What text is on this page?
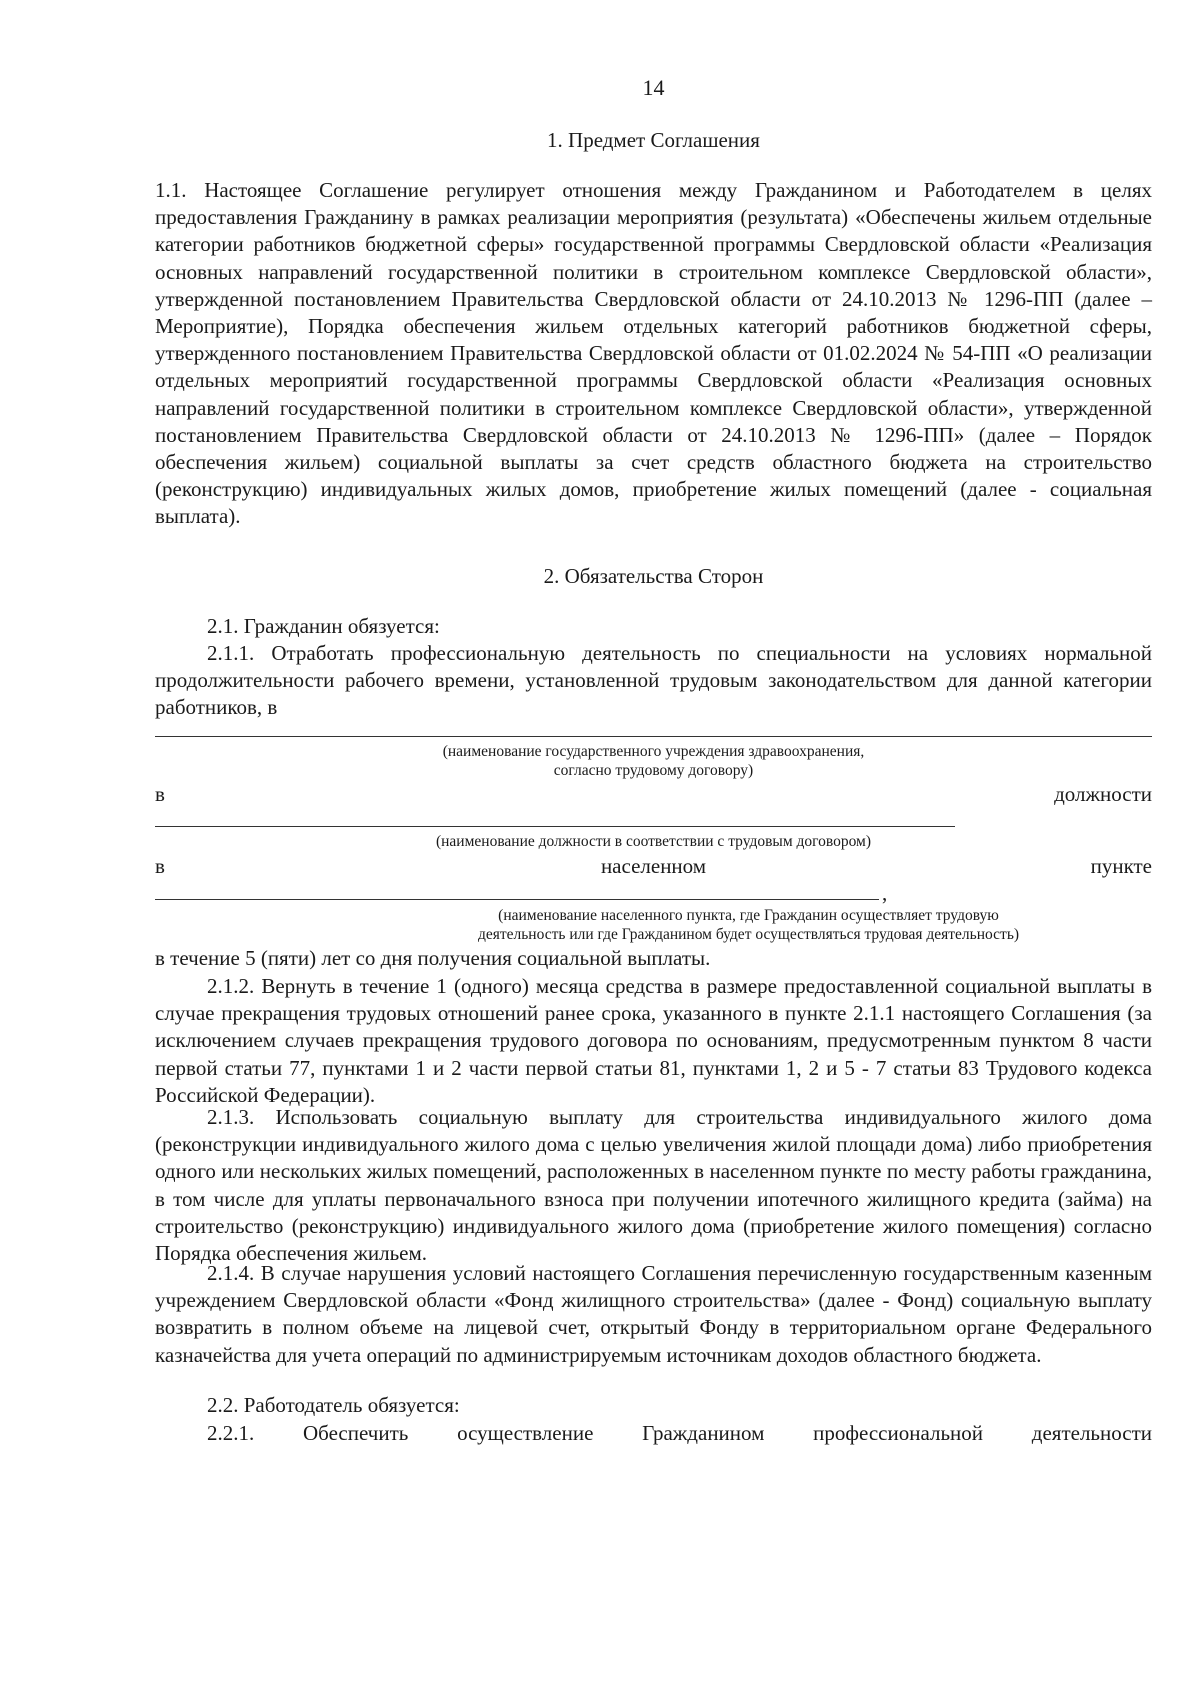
14
1. Предмет Соглашения

1.1. Настоящее Соглашение регулирует отношения между Гражданином и Работодателем в целях предоставления Гражданину в рамках реализации мероприятия (результата) «Обеспечены жильем отдельные категории работников бюджетной сферы» государственной программы Свердловской области «Реализация основных направлений государственной политики в строительном комплексе Свердловской области», утвержденной постановлением Правительства Свердловской области от 24.10.2013 № 1296-ПП (далее – Мероприятие), Порядка обеспечения жильем отдельных категорий работников бюджетной сферы, утвержденного постановлением Правительства Свердловской области от 01.02.2024 № 54-ПП «О реализации отдельных мероприятий государственной программы Свердловской области «Реализация основных направлений государственной политики в строительном комплексе Свердловской области», утвержденной постановлением Правительства Свердловской области от 24.10.2013 № 1296-ПП» (далее – Порядок обеспечения жильем) социальной выплаты за счет средств областного бюджета на строительство (реконструкцию) индивидуальных жилых домов, приобретение жилых помещений (далее - социальная выплата).

2. Обязательства Сторон

2.1. Гражданин обязуется:

2.1.1. Отработать профессиональную деятельность по специальности на условиях нормальной продолжительности рабочего времени, установленной трудовым законодательством для данной категории работников, в

(наименование государственного учреждения здравоохранения,
согласно трудовому договору)
в	должности
(наименование должности в соответствии с трудовым договором)
в	населенном	пункте
,
(наименование населенного пункта, где Гражданин осуществляет трудовую
деятельность или где Гражданином будет осуществляться трудовая деятельность)

в течение 5 (пяти) лет со дня получения социальной выплаты.

2.1.2. Вернуть в течение 1 (одного) месяца средства в размере предоставленной социальной выплаты в случае прекращения трудовых отношений ранее срока, указанного в пункте 2.1.1 настоящего Соглашения (за исключением случаев прекращения трудового договора по основаниям, предусмотренным пунктом 8 части первой статьи 77, пунктами 1 и 2 части первой статьи 81, пунктами 1, 2 и 5 - 7 статьи 83 Трудового кодекса Российской Федерации).

2.1.3. Использовать социальную выплату для строительства индивидуального жилого дома (реконструкции индивидуального жилого дома с целью увеличения жилой площади дома) либо приобретения одного или нескольких жилых помещений, расположенных в населенном пункте по месту работы гражданина, в том числе для уплаты первоначального взноса при получении ипотечного жилищного кредита (займа) на строительство (реконструкцию) индивидуального жилого дома (приобретение жилого помещения) согласно Порядка обеспечения жильем.

2.1.4. В случае нарушения условий настоящего Соглашения перечисленную государственным казенным учреждением Свердловской области «Фонд жилищного строительства» (далее - Фонд) социальную выплату возвратить в полном объеме на лицевой счет, открытый Фонду в территориальном органе Федерального казначейства для учета операций по администрируемым источникам доходов областного бюджета.

2.2. Работодатель обязуется:

2.2.1. Обеспечить осуществление Гражданином профессиональной деятельности
